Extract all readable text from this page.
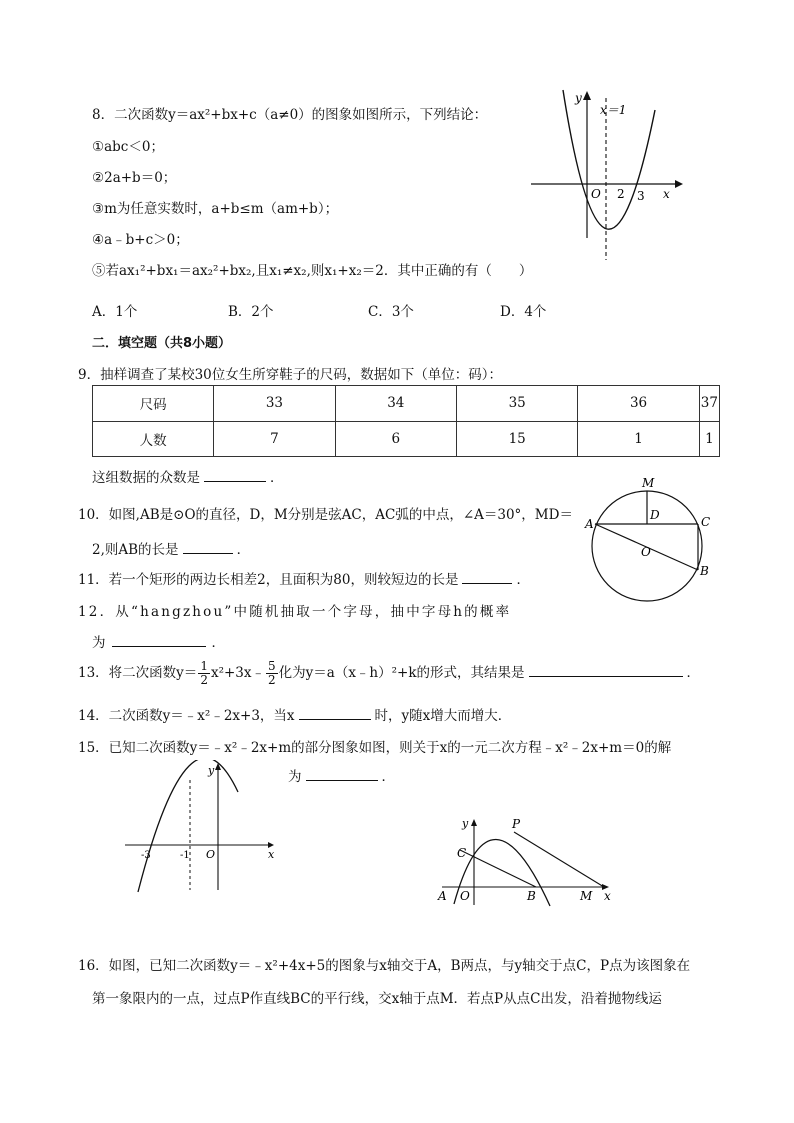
8．二次函数y＝ax²+bx+c（a≠0）的图象如图所示，下列结论：
①abc＜0；
②2a+b＝0；
③m为任意实数时，a+b≤m（am+b）；
④a﹣b+c＞0；
⑤若ax₁²+bx₁＝ax₂²+bx₂,且x₁≠x₂,则x₁+x₂＝2．其中正确的有（　　）
A．1个	B．2个	C．3个	D．4个
y
x＝1
O 2 3 x
二．填空题（共8小题）
9．抽样调查了某校30位女生所穿鞋子的尺码，数据如下（单位：码）：
尺码	33	34	35	36	37
人数	7	6	15	1	1
这组数据的众数是	．
10．如图,AB是⊙O的直径，D，M分别是弦AC，AC弧的中点，∠A＝30°，MD＝
2,则AB的长是	．
M
A
D	C
O
B
11．若一个矩形的两边长相差2，且面积为80，则较短边的长是	．
12．从“hangzhou”中随机抽取一个字母，抽中字母h的概率
为	．
13．将二次函数$y= \frac{1}{2}$ x²+3x﹣ $\frac{5}{2}$ 化为y＝a（x﹣h）²+k的形式，其结果是	．
14．二次函数y＝﹣x²﹣2x+3，当x	时，y随x增大而增大．
15．已知二次函数y＝﹣x²﹣2x+m的部分图象如图，则关于x的一元二次方程﹣x²﹣2x+m＝0的解
为	．
y
x
-3	-1 O
y	P
C
A O	B	M x
16．如图，已知二次函数y＝﹣x²+4x+5的图象与x轴交于A，B两点，与y轴交于点C，P点为该图象在
第一象限内的一点，过点P作直线BC的平行线，交x轴于点M．若点P从点C出发，沿着抛物线运
